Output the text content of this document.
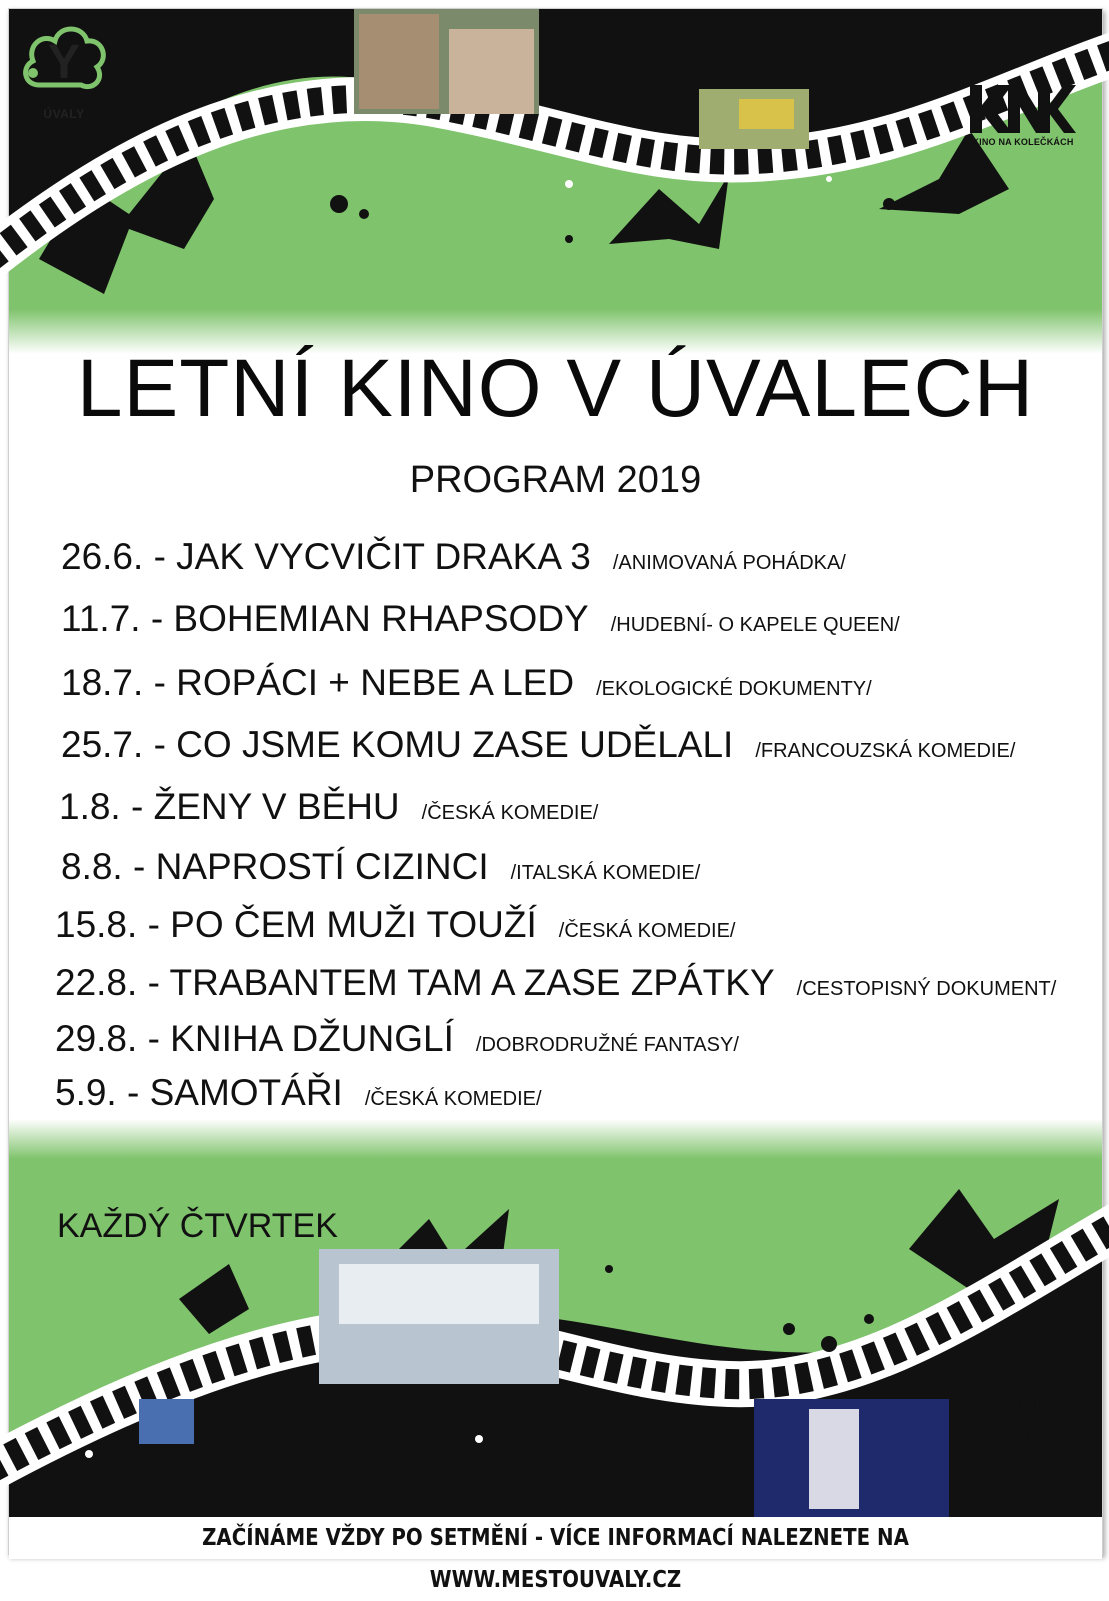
Y
ÚVALY
KINO NA KOLEČKÁCH
LETNÍ KINO V ÚVALECH
PROGRAM 2019
26.6. - JAK VYCVIČIT DRAKA 3 /ANIMOVANÁ POHÁDKA/
11.7. - BOHEMIAN RHAPSODY /HUDEBNÍ- O KAPELE QUEEN/
18.7. - ROPÁCI + NEBE A LED /EKOLOGICKÉ DOKUMENTY/
25.7. - CO JSME KOMU ZASE UDĚLALI /FRANCOUZSKÁ KOMEDIE/
1.8. - ŽENY V BĚHU /ČESKÁ KOMEDIE/
8.8. - NAPROSTÍ CIZINCI /ITALSKÁ KOMEDIE/
15.8. - PO ČEM MUŽI TOUŽÍ /ČESKÁ KOMEDIE/
22.8. - TRABANTEM TAM A ZASE ZPÁTKY /CESTOPISNÝ DOKUMENT/
29.8. - KNIHA DŽUNGLÍ /DOBRODRUŽNÉ FANTASY/
5.9. - SAMOTÁŘI /ČESKÁ KOMEDIE/
KAŽDÝ ČTVRTEK
Vstupné
50 Kč
ZAČÍNÁME VŽDY PO SETMĚNÍ - VÍCE INFORMACÍ NALEZNETE NA WWW.MESTOUVALY.CZ
